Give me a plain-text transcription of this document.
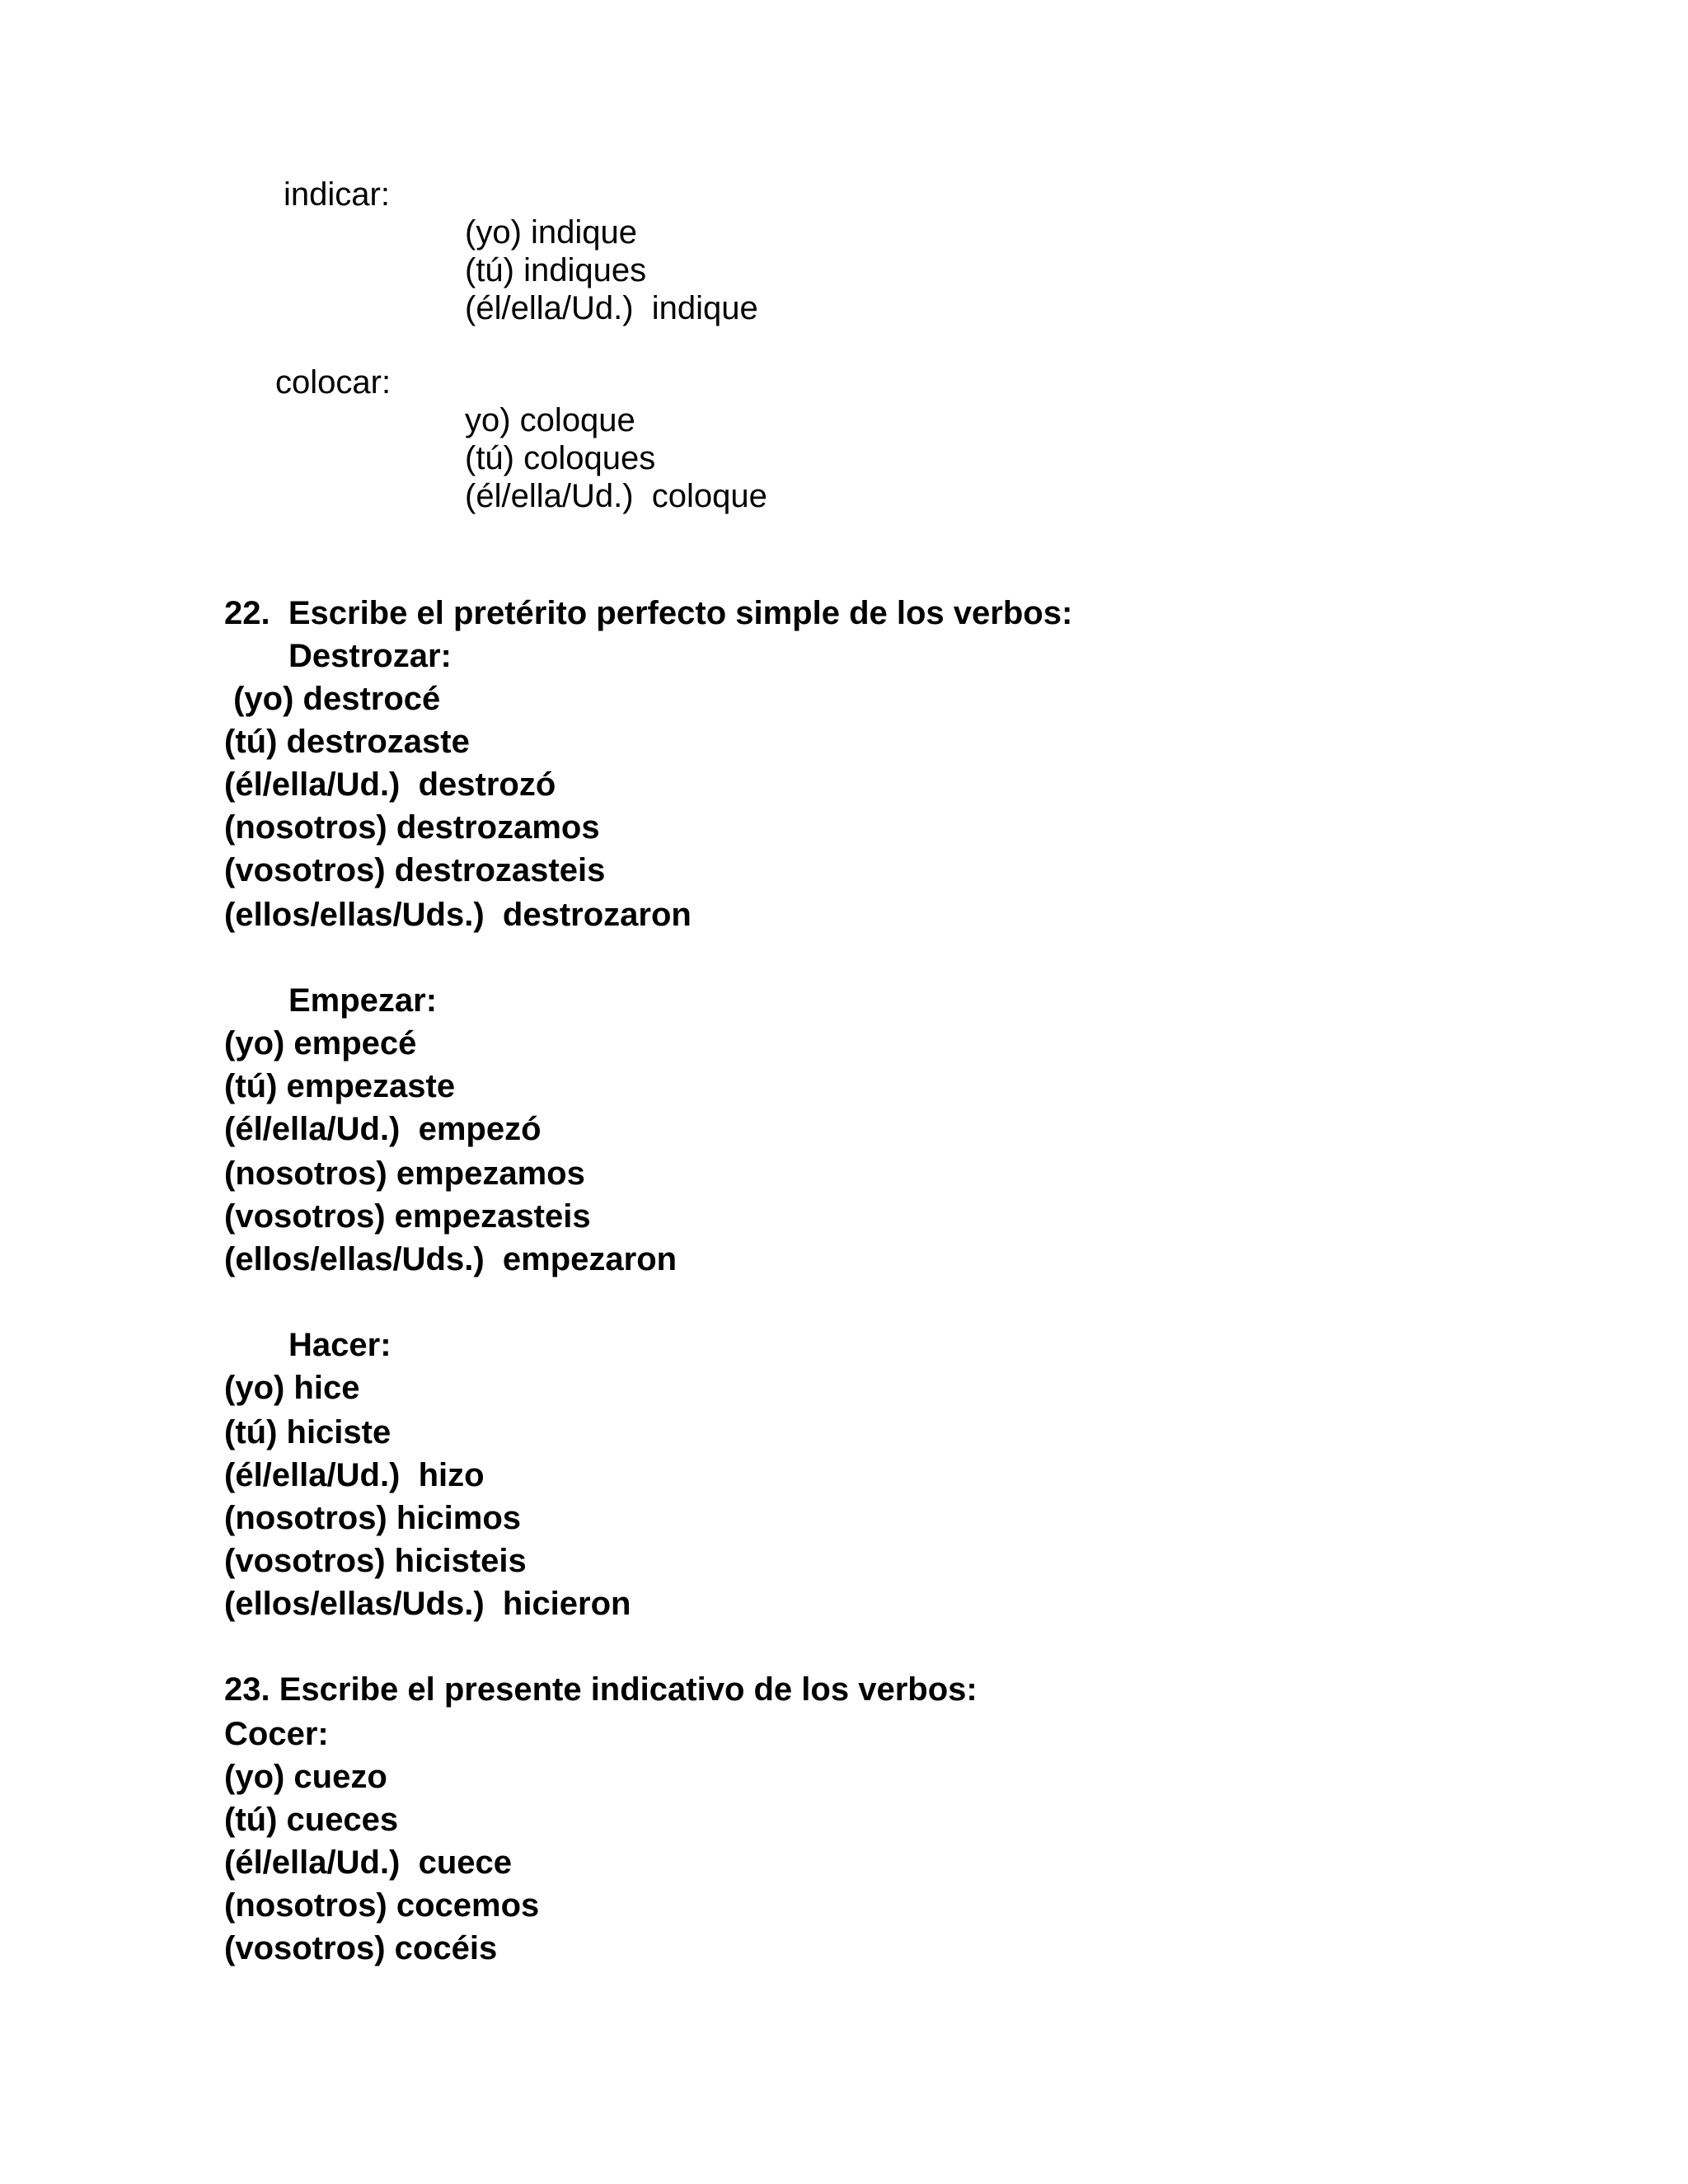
indicar:
(yo) indique
(tú) indiques
(él/ella/Ud.)  indique
colocar:
yo) coloque
(tú) coloques
(él/ella/Ud.)  coloque
22.  Escribe el pretérito perfecto simple de los verbos:
Destrozar:
(yo) destrocé
(tú) destrozaste
(él/ella/Ud.)  destrozó
(nosotros) destrozamos
(vosotros) destrozasteis
(ellos/ellas/Uds.)  destrozaron
Empezar:
(yo) empecé
(tú) empezaste
(él/ella/Ud.)  empezó
(nosotros) empezamos
(vosotros) empezasteis
(ellos/ellas/Uds.)  empezaron
Hacer:
(yo) hice
(tú) hiciste
(él/ella/Ud.)  hizo
(nosotros) hicimos
(vosotros) hicisteis
(ellos/ellas/Uds.)  hicieron
23. Escribe el presente indicativo de los verbos:
Cocer:
(yo) cuezo
(tú) cueces
(él/ella/Ud.)  cuece
(nosotros) cocemos
(vosotros) cocéis
